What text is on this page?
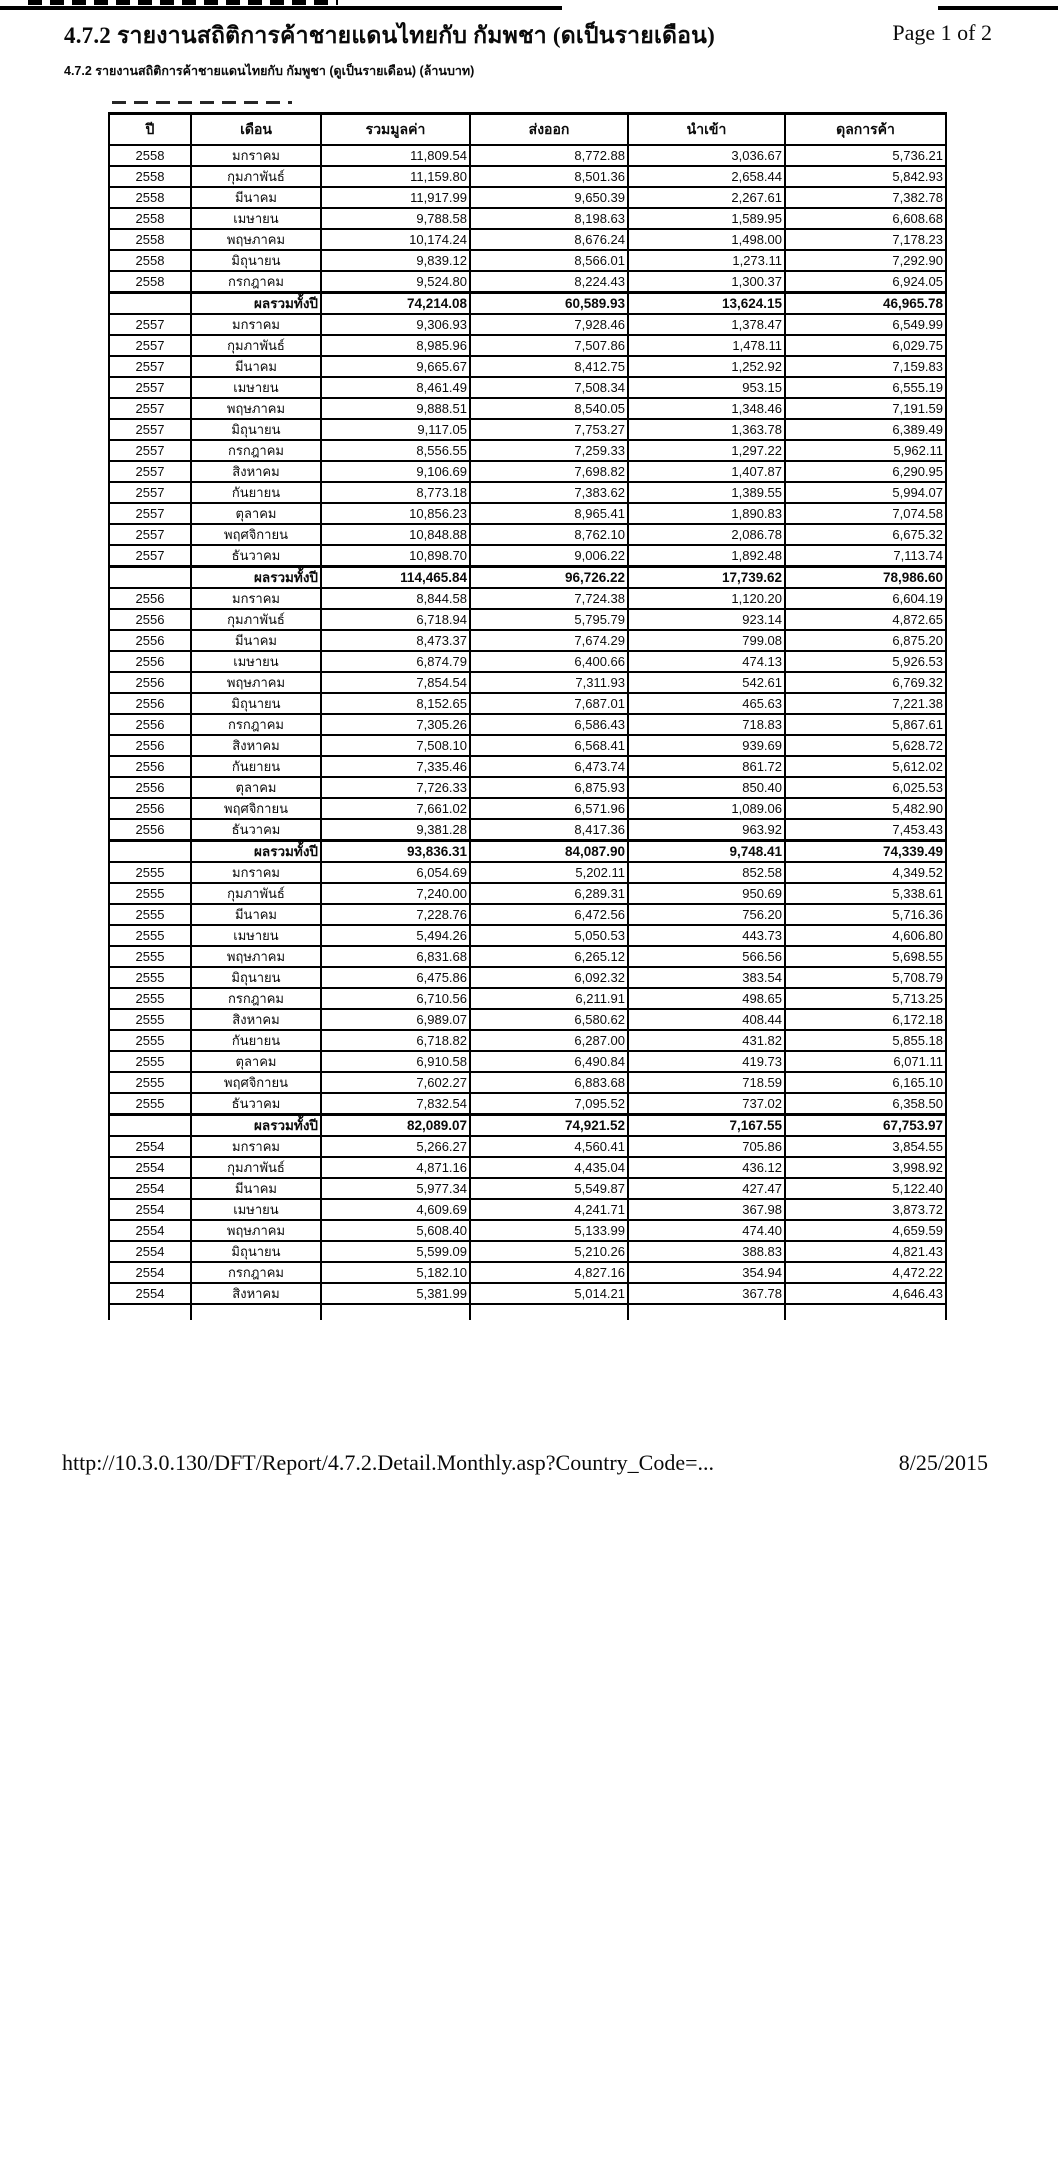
4.7.2 รายงานสถิติการค้าชายแดนไทยกับ กัมพชา (ดเป็นรายเดือน)	Page 1 of 2
4.7.2 รายงานสถิติการค้าชายแดนไทยกับ กัมพูชา (ดูเป็นรายเดือน) (ล้านบาท)
ปี	เดือน	รวมมูลค่า	ส่งออก	นำเข้า	ดุลการค้า
2558	มกราคม	11,809.54	8,772.88	3,036.67	5,736.21
2558	กุมภาพันธ์	11,159.80	8,501.36	2,658.44	5,842.93
2558	มีนาคม	11,917.99	9,650.39	2,267.61	7,382.78
2558	เมษายน	9,788.58	8,198.63	1,589.95	6,608.68
2558	พฤษภาคม	10,174.24	8,676.24	1,498.00	7,178.23
2558	มิถุนายน	9,839.12	8,566.01	1,273.11	7,292.90
2558	กรกฎาคม	9,524.80	8,224.43	1,300.37	6,924.05
	ผลรวมทั้งปี	74,214.08	60,589.93	13,624.15	46,965.78
2557	มกราคม	9,306.93	7,928.46	1,378.47	6,549.99
2557	กุมภาพันธ์	8,985.96	7,507.86	1,478.11	6,029.75
2557	มีนาคม	9,665.67	8,412.75	1,252.92	7,159.83
2557	เมษายน	8,461.49	7,508.34	953.15	6,555.19
2557	พฤษภาคม	9,888.51	8,540.05	1,348.46	7,191.59
2557	มิถุนายน	9,117.05	7,753.27	1,363.78	6,389.49
2557	กรกฎาคม	8,556.55	7,259.33	1,297.22	5,962.11
2557	สิงหาคม	9,106.69	7,698.82	1,407.87	6,290.95
2557	กันยายน	8,773.18	7,383.62	1,389.55	5,994.07
2557	ตุลาคม	10,856.23	8,965.41	1,890.83	7,074.58
2557	พฤศจิกายน	10,848.88	8,762.10	2,086.78	6,675.32
2557	ธันวาคม	10,898.70	9,006.22	1,892.48	7,113.74
	ผลรวมทั้งปี	114,465.84	96,726.22	17,739.62	78,986.60
2556	มกราคม	8,844.58	7,724.38	1,120.20	6,604.19
2556	กุมภาพันธ์	6,718.94	5,795.79	923.14	4,872.65
2556	มีนาคม	8,473.37	7,674.29	799.08	6,875.20
2556	เมษายน	6,874.79	6,400.66	474.13	5,926.53
2556	พฤษภาคม	7,854.54	7,311.93	542.61	6,769.32
2556	มิถุนายน	8,152.65	7,687.01	465.63	7,221.38
2556	กรกฎาคม	7,305.26	6,586.43	718.83	5,867.61
2556	สิงหาคม	7,508.10	6,568.41	939.69	5,628.72
2556	กันยายน	7,335.46	6,473.74	861.72	5,612.02
2556	ตุลาคม	7,726.33	6,875.93	850.40	6,025.53
2556	พฤศจิกายน	7,661.02	6,571.96	1,089.06	5,482.90
2556	ธันวาคม	9,381.28	8,417.36	963.92	7,453.43
	ผลรวมทั้งปี	93,836.31	84,087.90	9,748.41	74,339.49
2555	มกราคม	6,054.69	5,202.11	852.58	4,349.52
2555	กุมภาพันธ์	7,240.00	6,289.31	950.69	5,338.61
2555	มีนาคม	7,228.76	6,472.56	756.20	5,716.36
2555	เมษายน	5,494.26	5,050.53	443.73	4,606.80
2555	พฤษภาคม	6,831.68	6,265.12	566.56	5,698.55
2555	มิถุนายน	6,475.86	6,092.32	383.54	5,708.79
2555	กรกฎาคม	6,710.56	6,211.91	498.65	5,713.25
2555	สิงหาคม	6,989.07	6,580.62	408.44	6,172.18
2555	กันยายน	6,718.82	6,287.00	431.82	5,855.18
2555	ตุลาคม	6,910.58	6,490.84	419.73	6,071.11
2555	พฤศจิกายน	7,602.27	6,883.68	718.59	6,165.10
2555	ธันวาคม	7,832.54	7,095.52	737.02	6,358.50
	ผลรวมทั้งปี	82,089.07	74,921.52	7,167.55	67,753.97
2554	มกราคม	5,266.27	4,560.41	705.86	3,854.55
2554	กุมภาพันธ์	4,871.16	4,435.04	436.12	3,998.92
2554	มีนาคม	5,977.34	5,549.87	427.47	5,122.40
2554	เมษายน	4,609.69	4,241.71	367.98	3,873.72
2554	พฤษภาคม	5,608.40	5,133.99	474.40	4,659.59
2554	มิถุนายน	5,599.09	5,210.26	388.83	4,821.43
2554	กรกฎาคม	5,182.10	4,827.16	354.94	4,472.22
2554	สิงหาคม	5,381.99	5,014.21	367.78	4,646.43

http://10.3.0.130/DFT/Report/4.7.2.Detail.Monthly.asp?Country_Code=...	8/25/2015
